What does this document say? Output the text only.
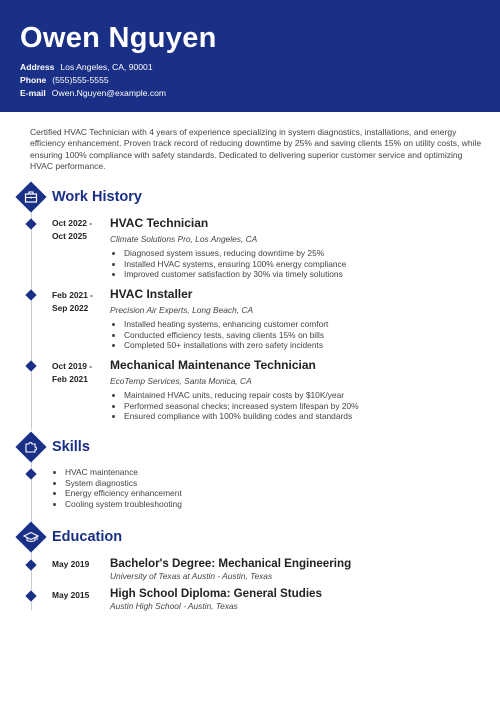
Owen Nguyen
Address Los Angeles, CA, 90001
Phone (555)555-5555
E-mail Owen.Nguyen@example.com
Certified HVAC Technician with 4 years of experience specializing in system diagnostics, installations, and energy efficiency enhancement. Proven track record of reducing downtime by 25% and saving clients 15% on utility costs, while ensuring 100% compliance with safety standards. Dedicated to delivering superior customer service and optimizing HVAC performance.
Work History
Oct 2022 -
Oct 2025
HVAC Technician
Climate Solutions Pro, Los Angeles, CA
• Diagnosed system issues, reducing downtime by 25%
• Installed HVAC systems, ensuring 100% energy compliance
• Improved customer satisfaction by 30% via timely solutions
Feb 2021 -
Sep 2022
HVAC Installer
Precision Air Experts, Long Beach, CA
• Installed heating systems, enhancing customer comfort
• Conducted efficiency tests, saving clients 15% on bills
• Completed 50+ installations with zero safety incidents
Oct 2019 -
Feb 2021
Mechanical Maintenance Technician
EcoTemp Services, Santa Monica, CA
• Maintained HVAC units, reducing repair costs by $10K/year
• Performed seasonal checks; increased system lifespan by 20%
• Ensured compliance with 100% building codes and standards
Skills
• HVAC maintenance
• System diagnostics
• Energy efficiency enhancement
• Cooling system troubleshooting
Education
May 2019 Bachelor's Degree: Mechanical Engineering
University of Texas at Austin - Austin, Texas
May 2015 High School Diploma: General Studies
Austin High School - Austin, Texas
